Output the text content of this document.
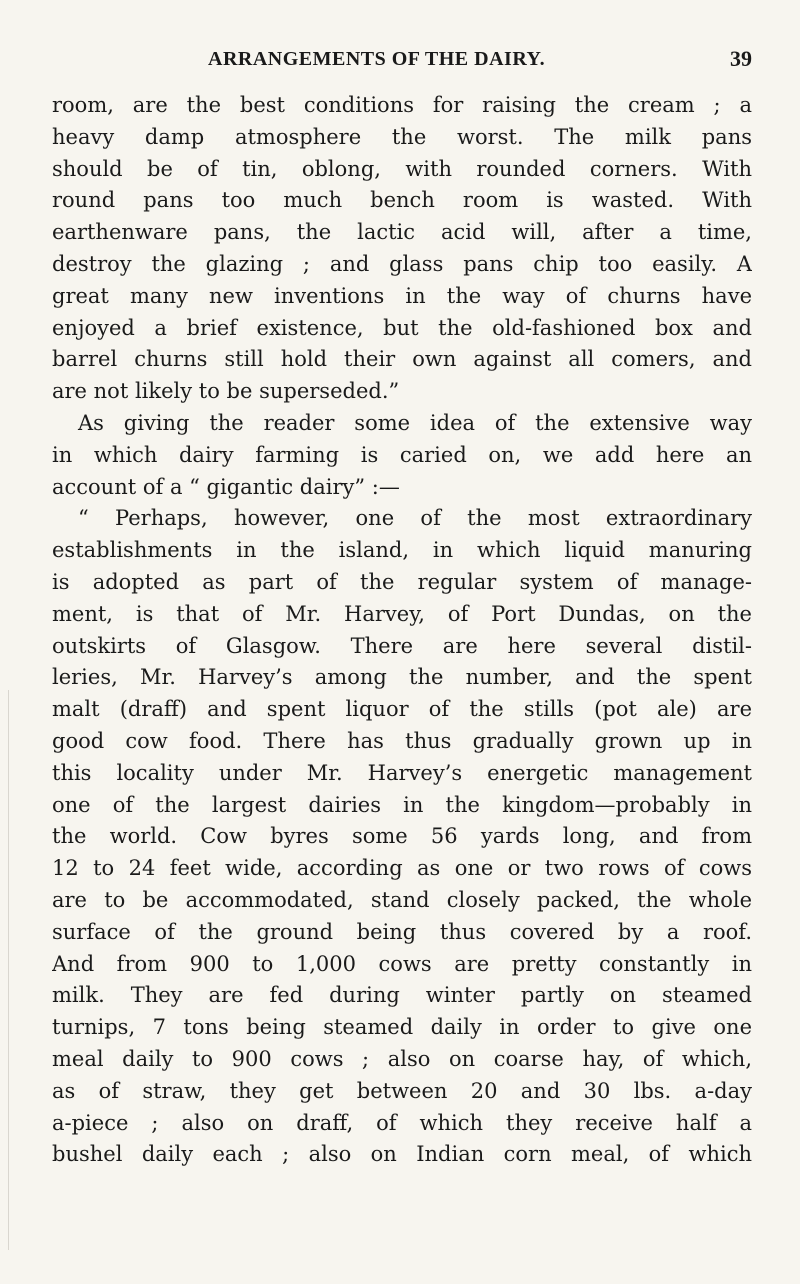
ARRANGEMENTS OF THE DAIRY.	39
room, are the best conditions for raising the cream ; a
heavy damp atmosphere the worst. The milk pans
should be of tin, oblong, with rounded corners. With
round pans too much bench room is wasted. With
earthenware pans, the lactic acid will, after a time,
destroy the glazing ; and glass pans chip too easily. A
great many new inventions in the way of churns have
enjoyed a brief existence, but the old-fashioned box and
barrel churns still hold their own against all comers, and
are not likely to be superseded.”
As giving the reader some idea of the extensive way
in which dairy farming is caried on, we add here an
account of a “ gigantic dairy” :—
“ Perhaps, however, one of the most extraordinary
establishments in the island, in which liquid manuring
is adopted as part of the regular system of manage-
ment, is that of Mr. Harvey, of Port Dundas, on the
outskirts of Glasgow. There are here several distil-
leries, Mr. Harvey’s among the number, and the spent
malt (draff) and spent liquor of the stills (pot ale) are
good cow food. There has thus gradually grown up in
this locality under Mr. Harvey’s energetic management
one of the largest dairies in the kingdom—probably in
the world. Cow byres some 56 yards long, and from
12 to 24 feet wide, according as one or two rows of cows
are to be accommodated, stand closely packed, the whole
surface of the ground being thus covered by a roof.
And from 900 to 1,000 cows are pretty constantly in
milk. They are fed during winter partly on steamed
turnips, 7 tons being steamed daily in order to give one
meal daily to 900 cows ; also on coarse hay, of which,
as of straw, they get between 20 and 30 lbs. a-day
a-piece ; also on draff, of which they receive half a
bushel daily each ; also on Indian corn meal, of which
